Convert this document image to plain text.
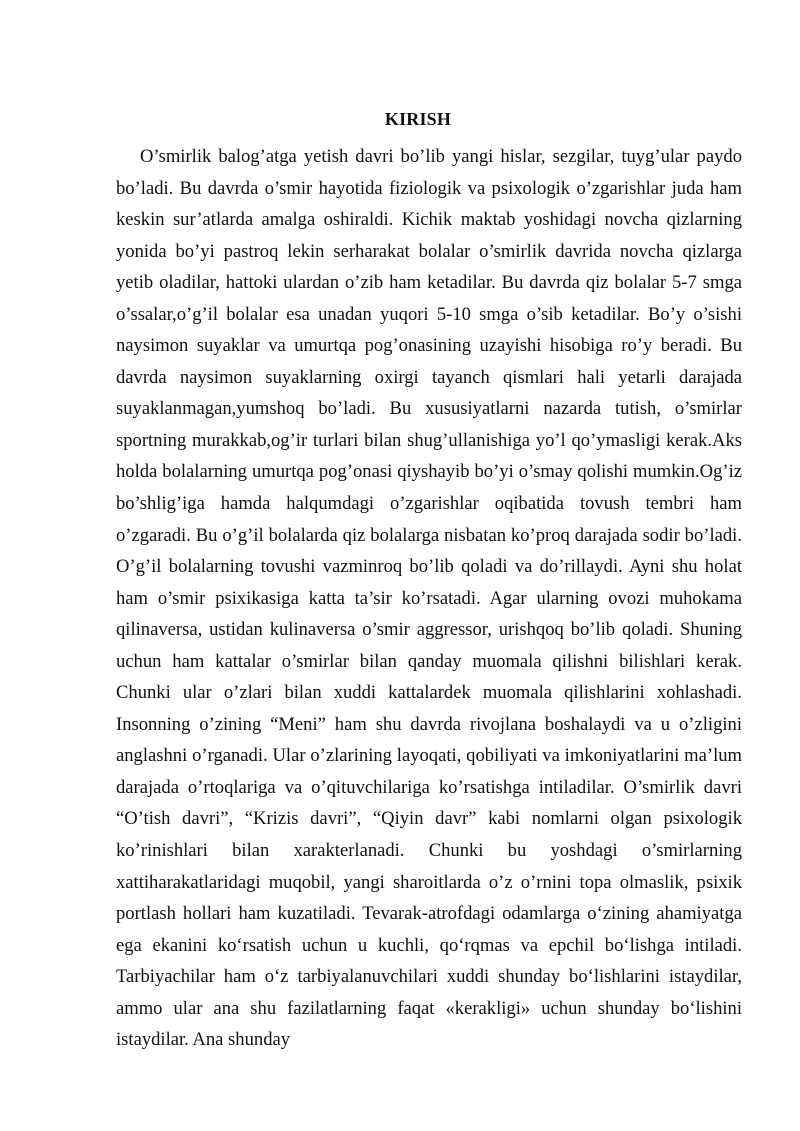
KIRISH

O’smirlik balog’atga yetish davri bo’lib yangi hislar, sezgilar, tuyg’ular paydo bo’ladi. Bu davrda o’smir hayotida fiziologik va psixologik o’zgarishlar juda ham keskin sur’atlarda amalga oshiraldi. Kichik maktab yoshidagi novcha qizlarning yonida bo’yi pastroq lekin serharakat bolalar o’smirlik davrida novcha qizlarga yetib oladilar, hattoki ulardan o’zib ham ketadilar. Bu davrda qiz bolalar 5-7 smga o’ssalar,o’g’il bolalar esa unadan yuqori 5-10 smga o’sib ketadilar. Bo’y o’sishi naysimon suyaklar va umurtqa pog’onasining uzayishi hisobiga ro’y beradi. Bu davrda naysimon suyaklarning oxirgi tayanch qismlari hali yetarli darajada suyaklanmagan,yumshoq bo’ladi. Bu xususiyatlarni nazarda tutish, o’smirlar sportning murakkab,og’ir turlari bilan shug’ullanishiga yo’l qo’ymasligi kerak.Aks holda bolalarning umurtqa pog’onasi qiyshayib bo’yi o’smay qolishi mumkin.Og’iz bo’shlig’iga hamda halqumdagi o’zgarishlar oqibatida tovush tembri ham o’zgaradi. Bu o’g’il bolalarda qiz bolalarga nisbatan ko’proq darajada sodir bo’ladi. O’g’il bolalarning tovushi vazminroq bo’lib qoladi va do’rillaydi. Ayni shu holat ham o’smir psixikasiga katta ta’sir ko’rsatadi. Agar ularning ovozi muhokama qilinaversa, ustidan kulinaversa o’smir aggressor, urishqoq bo’lib qoladi. Shuning uchun ham kattalar o’smirlar bilan qanday muomala qilishni bilishlari kerak. Chunki ular o’zlari bilan xuddi kattalardek muomala qilishlarini xohlashadi. Insonning o’zining “Meni” ham shu davrda rivojlana boshalaydi va u o’zligini anglashni o’rganadi. Ular o’zlarining layoqati, qobiliyati va imkoniyatlarini ma’lum darajada o’rtoqlariga va o’qituvchilariga ko’rsatishga intiladilar. O’smirlik davri “O’tish davri”, “Krizis davri”, “Qiyin davr” kabi nomlarni olgan psixologik ko’rinishlari bilan xarakterlanadi. Chunki bu yoshdagi o’smirlarning xattiharakatlaridagi muqobil, yangi sharoitlarda o’z o’rnini topa olmaslik, psixik portlash hollari ham kuzatiladi. Tevarak-atrofdagi odamlarga o‘zining ahamiyatga ega ekanini ko‘rsatish uchun u kuchli, qo‘rqmas va epchil bo‘lishga intiladi. Tarbiyachilar ham o‘z tarbiyalanuvchilari xuddi shunday bo‘lishlarini istaydilar, ammo ular ana shu fazilatlarning faqat «kerakligi» uchun shunday bo‘lishini istaydilar. Ana shunday
